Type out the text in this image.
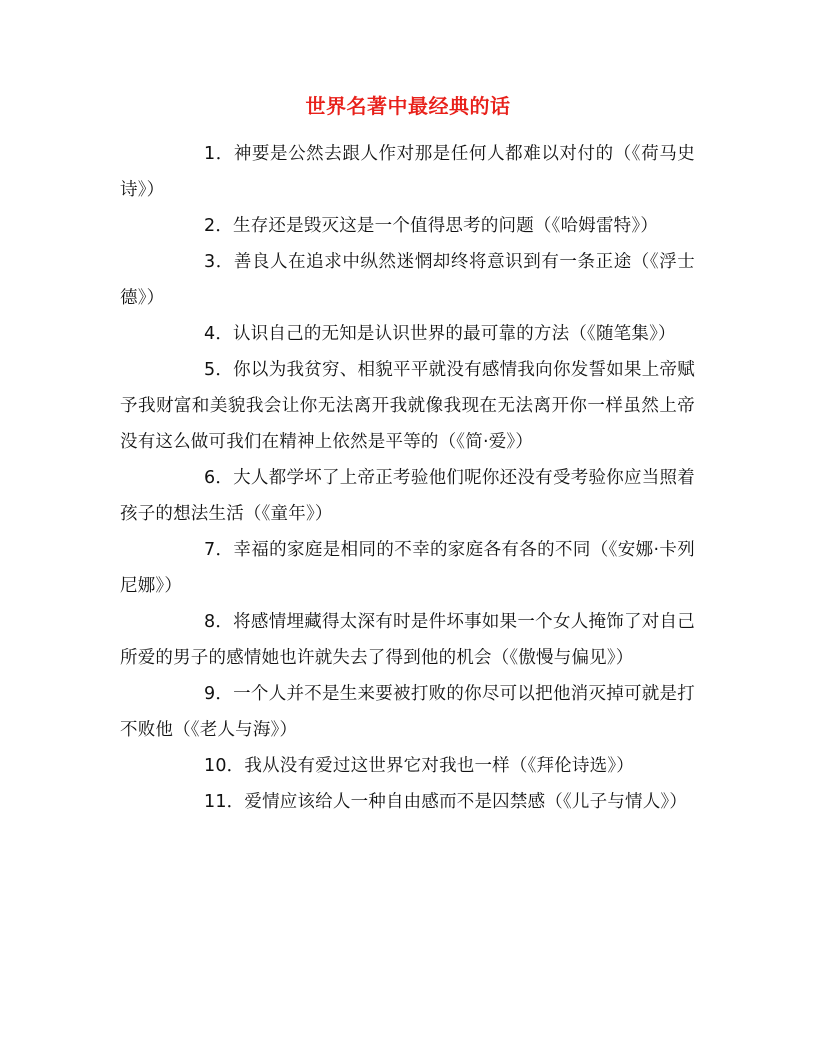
世界名著中最经典的话

1．神要是公然去跟人作对那是任何人都难以对付的（《荷马史诗》）

2．生存还是毁灭这是一个值得思考的问题（《哈姆雷特》）

3．善良人在追求中纵然迷惘却终将意识到有一条正途（《浮士德》）

4．认识自己的无知是认识世界的最可靠的方法（《随笔集》）

5．你以为我贫穷、相貌平平就没有感情我向你发誓如果上帝赋予我财富和美貌我会让你无法离开我就像我现在无法离开你一样虽然上帝没有这么做可我们在精神上依然是平等的（《简·爱》）

6．大人都学坏了上帝正考验他们呢你还没有受考验你应当照着孩子的想法生活（《童年》）

7．幸福的家庭是相同的不幸的家庭各有各的不同（《安娜·卡列尼娜》）

8．将感情埋藏得太深有时是件坏事如果一个女人掩饰了对自己所爱的男子的感情她也许就失去了得到他的机会（《傲慢与偏见》）

9．一个人并不是生来要被打败的你尽可以把他消灭掉可就是打不败他（《老人与海》）

10．我从没有爱过这世界它对我也一样（《拜伦诗选》）

11．爱情应该给人一种自由感而不是囚禁感（《儿子与情人》）
